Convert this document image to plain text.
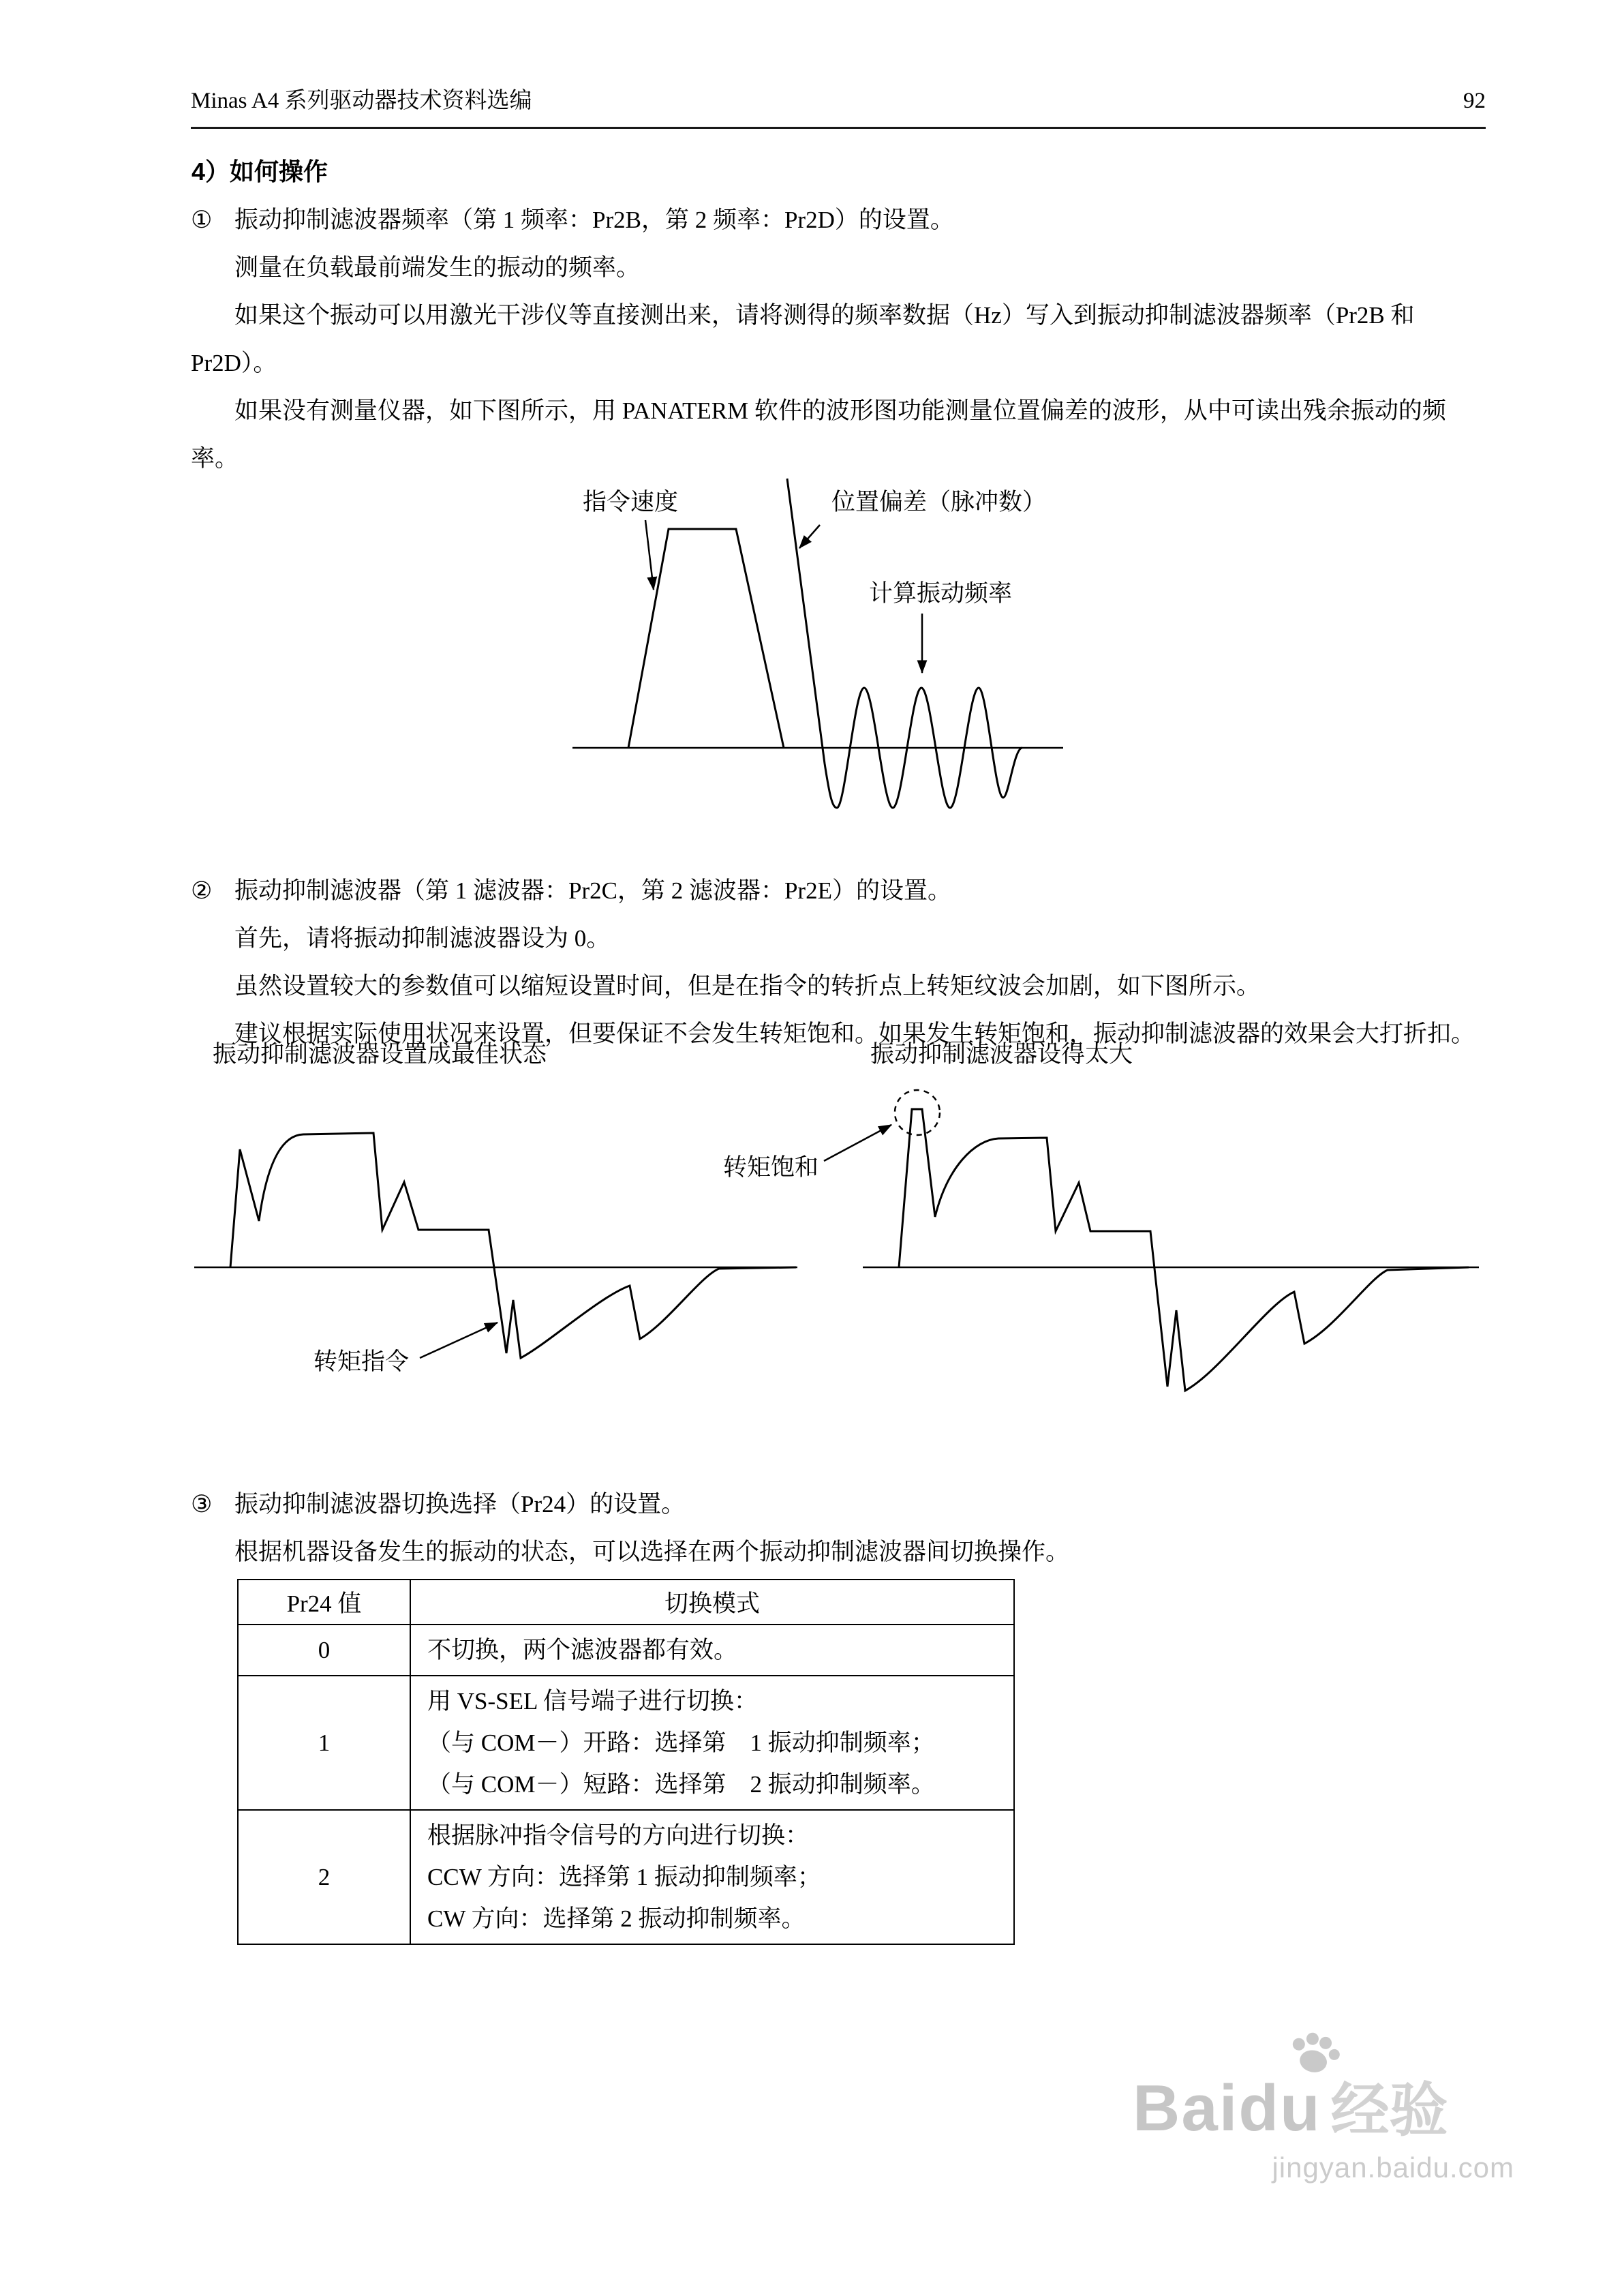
Minas A4 系列驱动器技术资料选编	92
4）如何操作
① 振动抑制滤波器频率（第 1 频率：Pr2B，第 2 频率：Pr2D）的设置。
测量在负载最前端发生的振动的频率。
如果这个振动可以用激光干涉仪等直接测出来，请将测得的频率数据（Hz）写入到振动抑制滤波器频率（Pr2B 和
Pr2D）。
如果没有测量仪器，如下图所示，用 PANATERM 软件的波形图功能测量位置偏差的波形，从中可读出残余振动的频
率。
指令速度	位置偏差（脉冲数）
计算振动频率
② 振动抑制滤波器（第 1 滤波器：Pr2C，第 2 滤波器：Pr2E）的设置。
首先，请将振动抑制滤波器设为 0。
虽然设置较大的参数值可以缩短设置时间，但是在指令的转折点上转矩纹波会加剧，如下图所示。
建议根据实际使用状况来设置，但要保证不会发生转矩饱和。如果发生转矩饱和，振动抑制滤波器的效果会大打折扣。
振动抑制滤波器设置成最佳状态	振动抑制滤波器设得太大
转矩指令
转矩饱和
③ 振动抑制滤波器切换选择（Pr24）的设置。
根据机器设备发生的振动的状态，可以选择在两个振动抑制滤波器间切换操作。
Pr24 值	切换模式
0	不切换，两个滤波器都有效。

1	用 VS-SEL 信号端子进行切换：
（与 COM－）开路：选择第　1 振动抑制频率；
（与 COM－）短路：选择第　2 振动抑制频率。

2	根据脉冲指令信号的方向进行切换：
CCW 方向：选择第 1 振动抑制频率；
CW 方向：选择第 2 振动抑制频率。
Baidu 经验
jingyan.baidu.com
